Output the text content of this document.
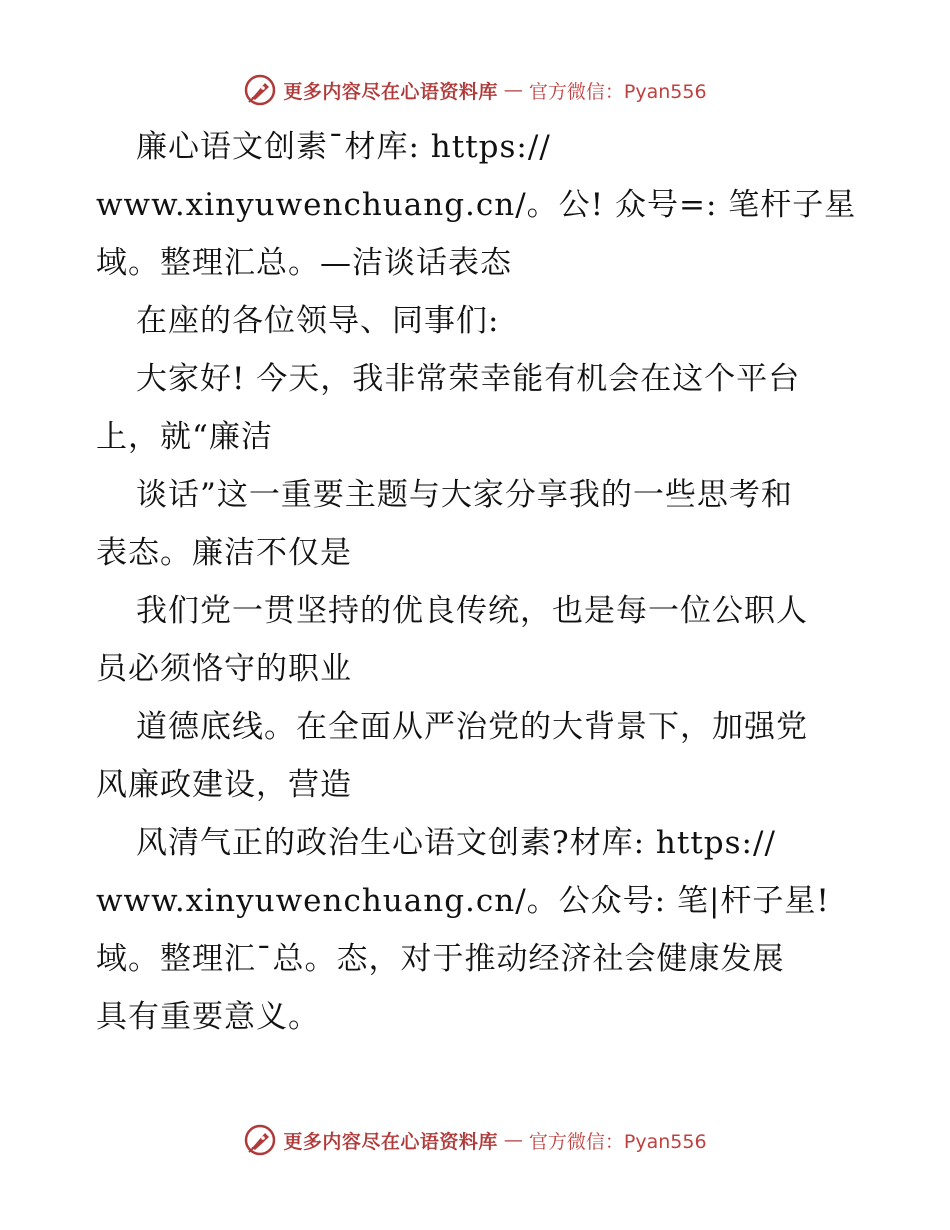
更多内容尽在心语资料库 — 官方微信：Pyan556
廉心语文创素¯材库: https://
www.xinyuwenchuang.cn/。公! 众号=: 笔杆子星
域。整理汇总。—洁谈话表态
在座的各位领导、同事们:
大家好! 今天，我非常荣幸能有机会在这个平台
上，就“廉洁
谈话”这一重要主题与大家分享我的一些思考和
表态。廉洁不仅是
我们党一贯坚持的优良传统，也是每一位公职人
员必须恪守的职业
道德底线。在全面从严治党的大背景下，加强党
风廉政建设，营造
风清气正的政治生心语文创素?材库: https://
www.xinyuwenchuang.cn/。公众号: 笔|杆子星!
域。整理汇¯总。态，对于推动经济社会健康发展
具有重要意义。
更多内容尽在心语资料库 — 官方微信：Pyan556
